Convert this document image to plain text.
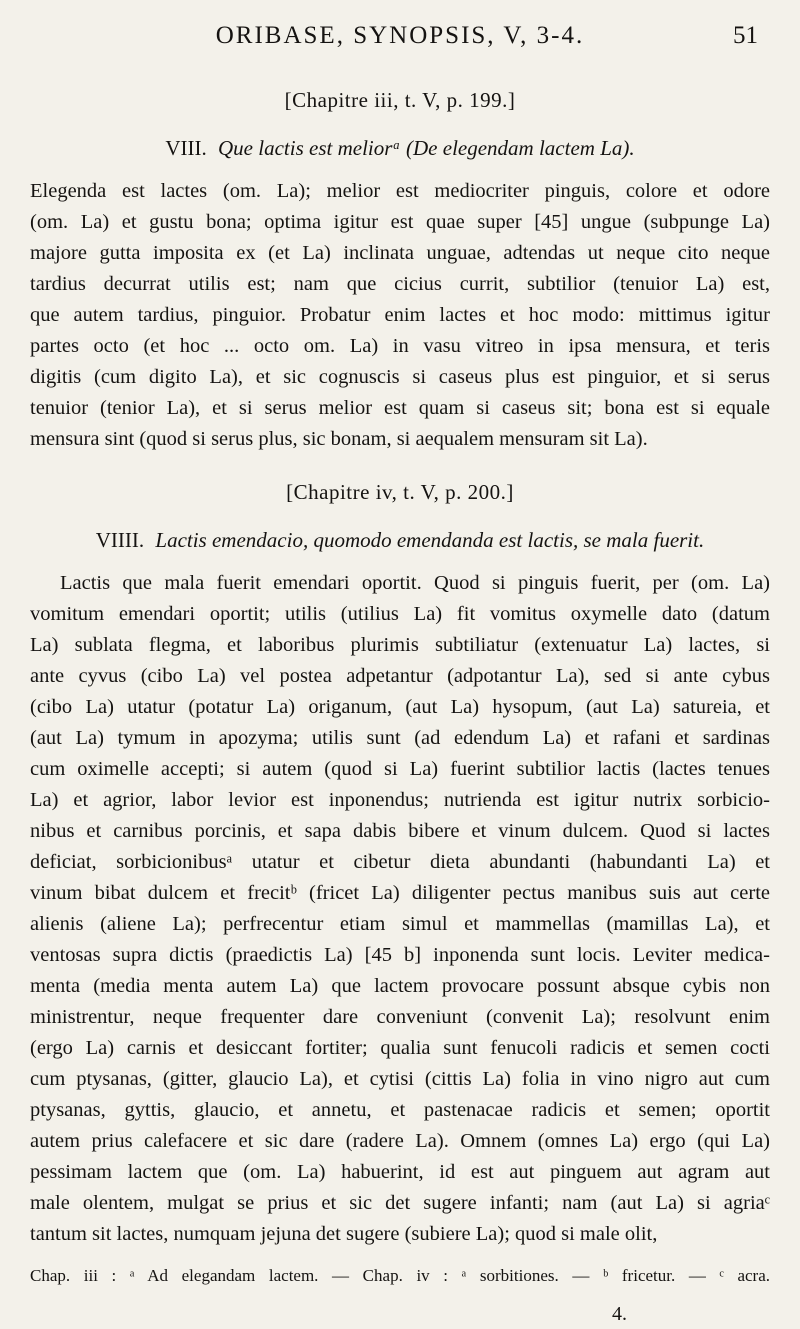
ORIBASE, SYNOPSIS, V, 3-4.	51
[Chapitre iii, t. V, p. 199.]
VIII. Que lactis est meliorᵃ (De elegendam lactem La).
Elegenda est lactes (om. La); melior est mediocriter pinguis, colore et odore
(om. La) et gustu bona; optima igitur est quae super [45] ungue (subpunge La)
majore gutta imposita ex (et La) inclinata unguae, adtendas ut neque cito neque
tardius decurrat utilis est; nam que cicius currit, subtilior (tenuior La) est,
que autem tardius, pinguior. Probatur enim lactes et hoc modo: mittimus igitur
partes octo (et hoc ... octo om. La) in vasu vitreo in ipsa mensura, et teris
digitis (cum digito La), et sic cognuscis si caseus plus est pinguior, et si serus
tenuior (tenior La), et si serus melior est quam si caseus sit; bona est si equale
mensura sint (quod si serus plus, sic bonam, si aequalem mensuram sit La).
[Chapitre iv, t. V, p. 200.]
VIIII. Lactis emendacio, quomodo emendanda est lactis, se mala fuerit.
Lactis que mala fuerit emendari oportit. Quod si pinguis fuerit, per (om. La)
vomitum emendari oportit; utilis (utilius La) fit vomitus oxymelle dato (datum
La) sublata flegma, et laboribus plurimis subtiliatur (extenuatur La) lactes, si
ante cyvus (cibo La) vel postea adpetantur (adpotantur La), sed si ante cybus
(cibo La) utatur (potatur La) origanum, (aut La) hysopum, (aut La) satureia, et
(aut La) tymum in apozyma; utilis sunt (ad edendum La) et rafani et sardinas
cum oximelle accepti; si autem (quod si La) fuerint subtilior lactis (lactes tenues
La) et agrior, labor levior est inponendus; nutrienda est igitur nutrix sorbicio-
nibus et carnibus porcinis, et sapa dabis bibere et vinum dulcem. Quod si lactes
deficiat, sorbicionibusᵃ utatur et cibetur dieta abundanti (habundanti La) et
vinum bibat dulcem et frecitᵇ (fricet La) diligenter pectus manibus suis aut certe
alienis (aliene La); perfrecentur etiam simul et mammellas (mamillas La), et
ventosas supra dictis (praedictis La) [45 b] inponenda sunt locis. Leviter medica-
menta (media menta autem La) que lactem provocare possunt absque cybis non
ministrentur, neque frequenter dare conveniunt (convenit La); resolvunt enim
(ergo La) carnis et desiccant fortiter; qualia sunt fenucoli radicis et semen cocti
cum ptysanas, (gitter, glaucio La), et cytisi (cittis La) folia in vino nigro aut cum
ptysanas, gyttis, glaucio, et annetu, et pastenacae radicis et semen; oportit
autem prius calefacere et sic dare (radere La). Omnem (omnes La) ergo (qui La)
pessimam lactem que (om. La) habuerint, id est aut pinguem aut agram aut
male olentem, mulgat se prius et sic det sugere infanti; nam (aut La) si agriaᶜ
tantum sit lactes, numquam jejuna det sugere (subiere La); quod si male olit,
Chap. iii : ᵃ Ad elegandam lactem. — Chap. iv : ᵃ sorbitiones. — ᵇ fricetur. — ᶜ acra.
4.
